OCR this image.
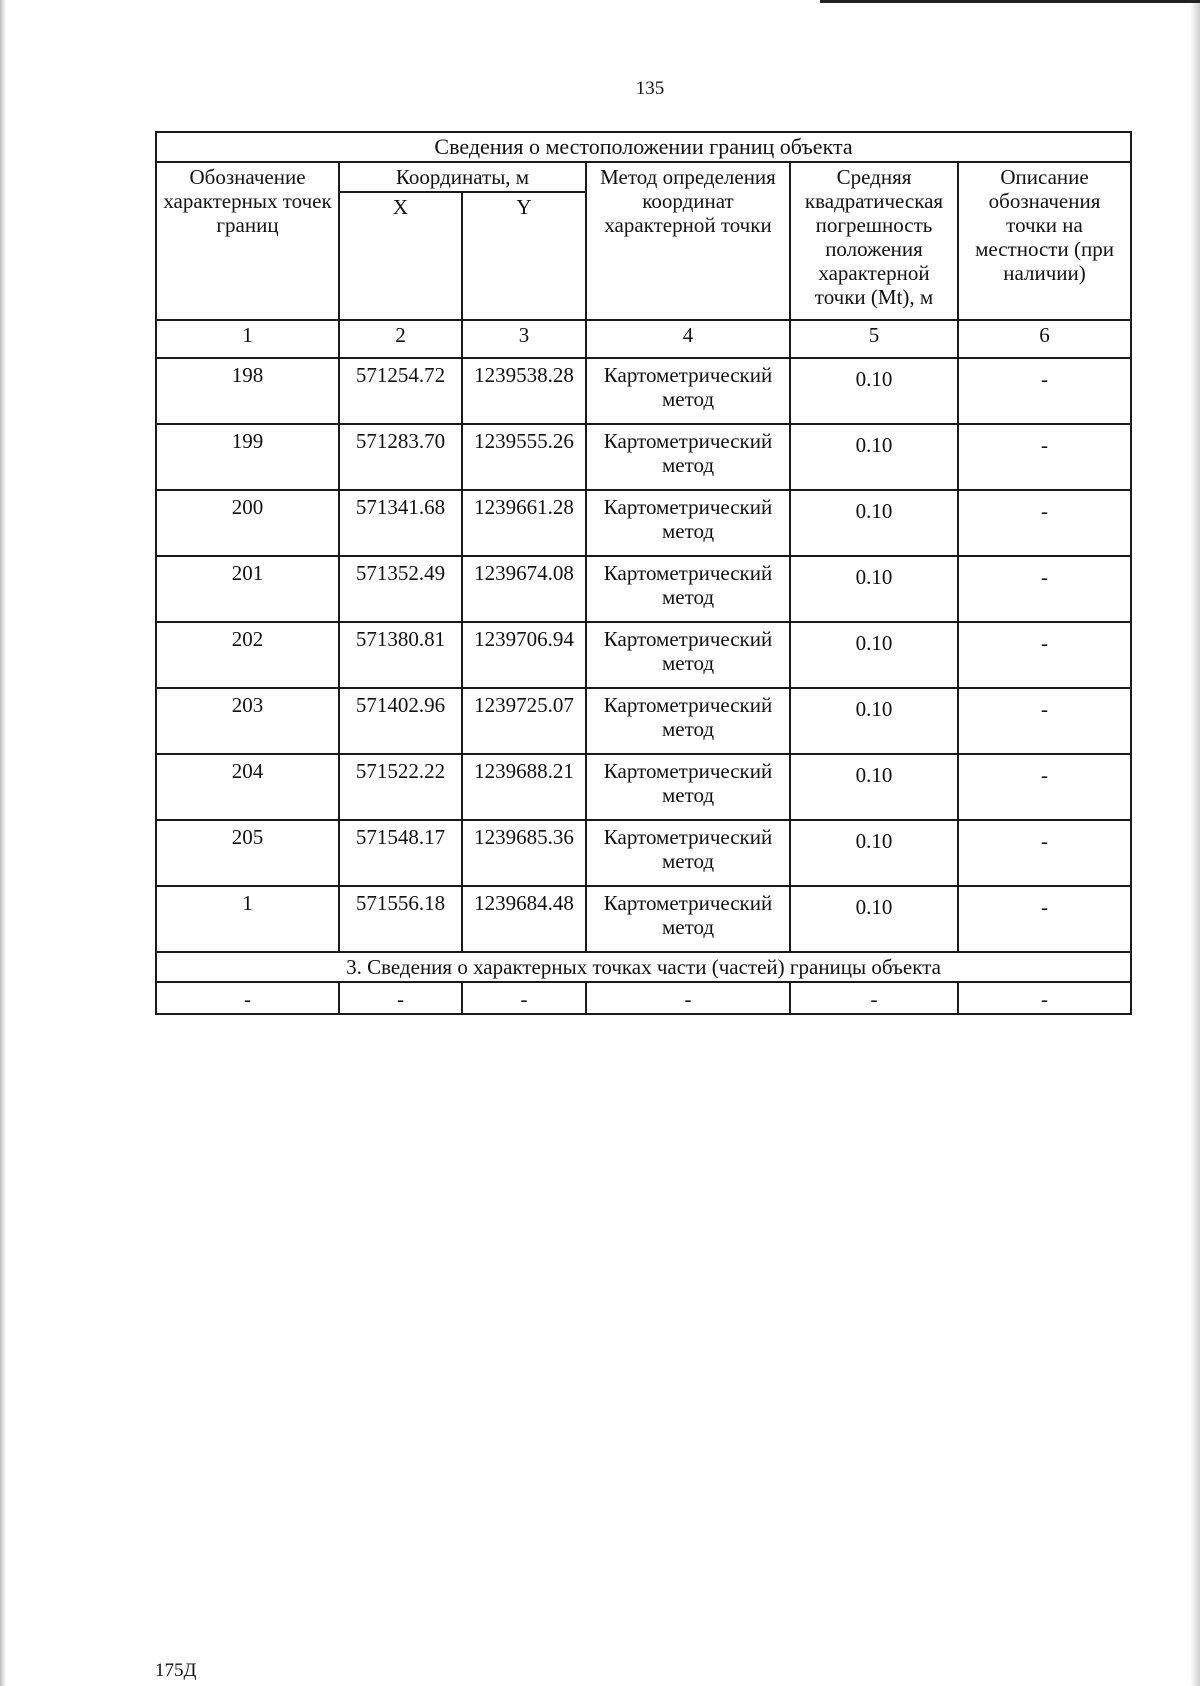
135
Сведения о местоположении границ объекта					
Обозначение характерных точек границ	Координаты, м		Метод определения координат характерной точки	Средняя квадратическая погрешность положения характерной точки (Mt), м	Описание обозначения точки на местности (при наличии)
	X	Y			
1	2	3	4	5	6
198	571254.72	1239538.28	Картометрический метод	0.10	-
199	571283.70	1239555.26	Картометрический метод	0.10	-
200	571341.68	1239661.28	Картометрический метод	0.10	-
201	571352.49	1239674.08	Картометрический метод	0.10	-
202	571380.81	1239706.94	Картометрический метод	0.10	-
203	571402.96	1239725.07	Картометрический метод	0.10	-
204	571522.22	1239688.21	Картометрический метод	0.10	-
205	571548.17	1239685.36	Картометрический метод	0.10	-
1	571556.18	1239684.48	Картометрический метод	0.10	-
3. Сведения о характерных точках части (частей) границы объекта					
-	-	-	-	-	-
175Д
